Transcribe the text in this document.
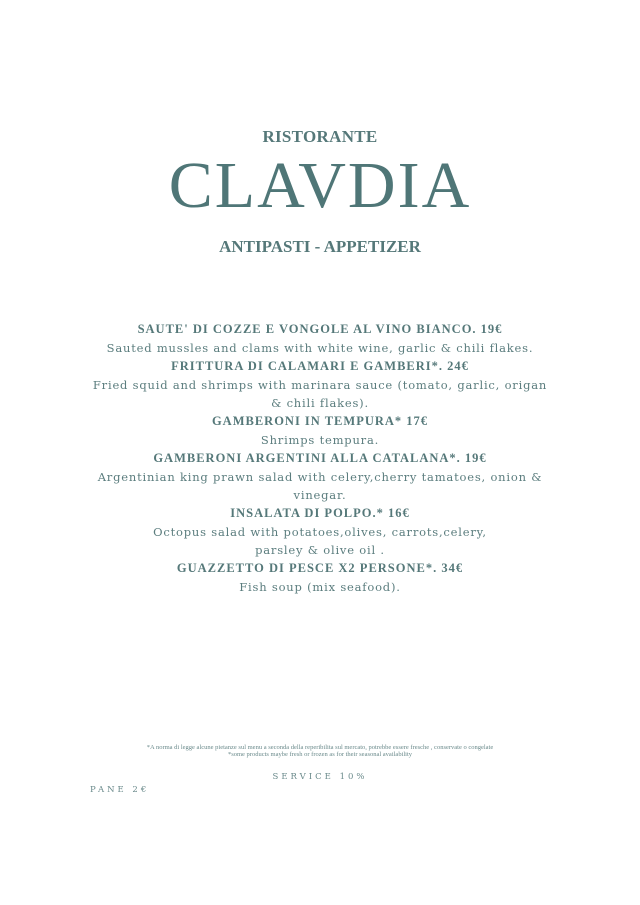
RISTORANTE
CLAVDIA
ANTIPASTI - APPETIZER
SAUTE' DI COZZE E VONGOLE AL VINO BIANCO. 19€
Sauted mussles and clams with white wine, garlic & chili flakes.
FRITTURA DI CALAMARI E GAMBERI*. 24€
Fried squid and shrimps with marinara sauce (tomato, garlic, origan & chili flakes).
GAMBERONI IN TEMPURA* 17€
Shrimps tempura.
GAMBERONI ARGENTINI ALLA CATALANA*. 19€
Argentinian king prawn salad with celery,cherry tamatoes, onion & vinegar.
INSALATA DI POLPO.* 16€
Octopus salad with potatoes,olives, carrots,celery,
parsley & olive oil .
GUAZZETTO DI PESCE X2 PERSONE*. 34€
Fish soup (mix seafood).
*A norma di legge alcune pietanze sul menu a seconda della reperibilita sul mercato, potrebbe essere fresche , conservate o congelate
*some products maybe fresh or frozen as for their seasonal availability
SERVICE 10%
PANE 2€
